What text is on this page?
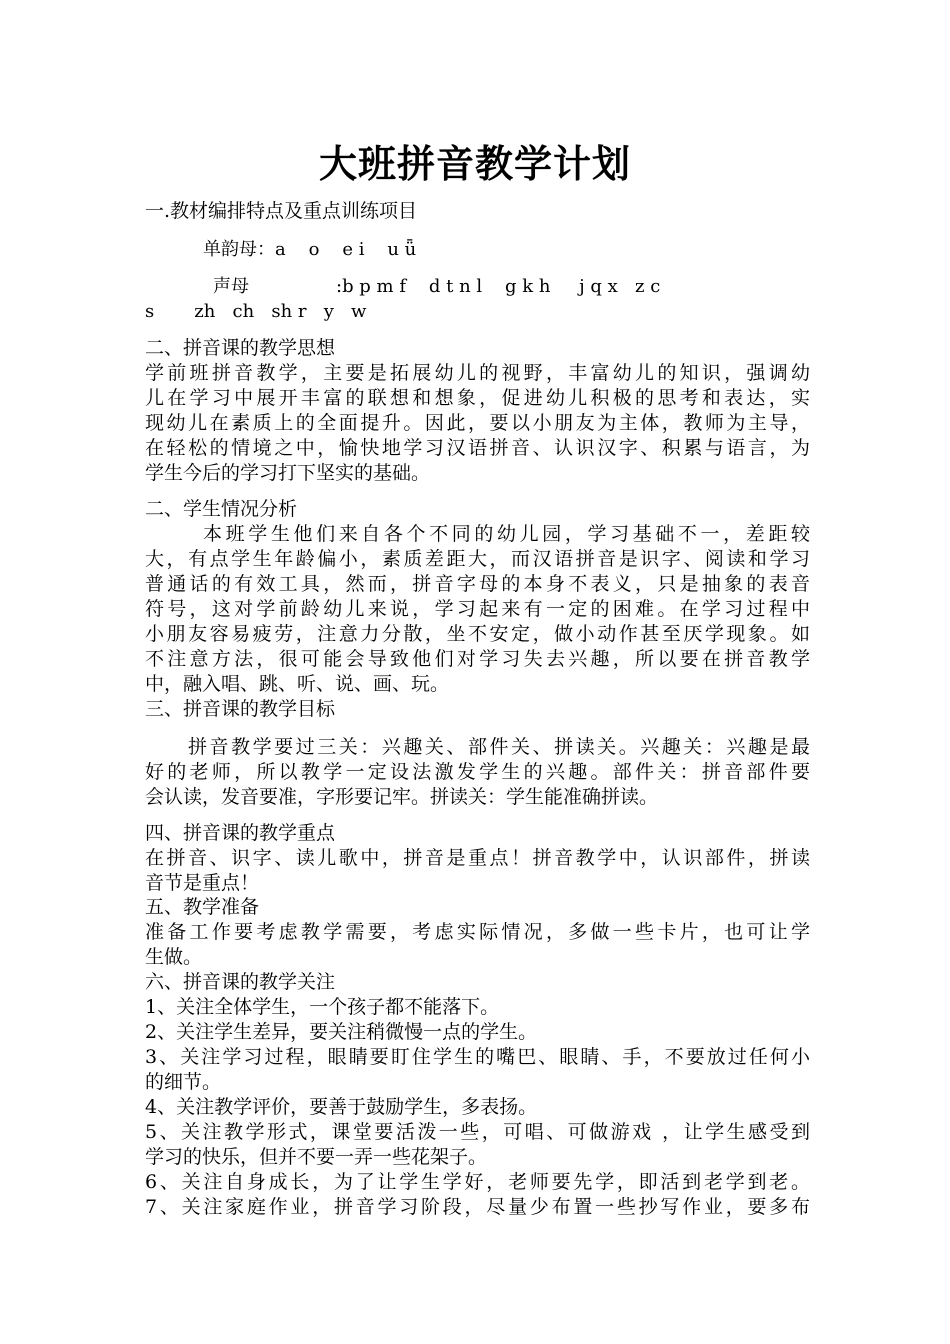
大班拼音教学计划
一.教材编排特点及重点训练项目
单韵母：a    o    e i    u ǖ
声母	:b p m f    d t n l    g k h     j q x   z c
s       zh   ch   sh r   y   w
二、拼音课的教学思想
学前班拼音教学，主要是拓展幼儿的视野，丰富幼儿的知识，强调幼
儿在学习中展开丰富的联想和想象，促进幼儿积极的思考和表达，实
现幼儿在素质上的全面提升。因此，要以小朋友为主体，教师为主导，
在轻松的情境之中，愉快地学习汉语拼音、认识汉字、积累与语言，为
学生今后的学习打下坚实的基础。
二、学生情况分析
本班学生他们来自各个不同的幼儿园，学习基础不一，差距较
大，有点学生年龄偏小，素质差距大，而汉语拼音是识字、阅读和学习
普通话的有效工具，然而，拼音字母的本身不表义，只是抽象的表音
符号，这对学前龄幼儿来说，学习起来有一定的困难。在学习过程中
小朋友容易疲劳，注意力分散，坐不安定，做小动作甚至厌学现象。如
不注意方法，很可能会导致他们对学习失去兴趣，所以要在拼音教学
中，融入唱、跳、听、说、画、玩。
三、拼音课的教学目标
拼音教学要过三关：兴趣关、部件关、拼读关。兴趣关：兴趣是最
好的老师，所以教学一定设法激发学生的兴趣。部件关：拼音部件要
会认读，发音要准，字形要记牢。拼读关：学生能准确拼读。
四、拼音课的教学重点
在拼音、识字、读儿歌中，拼音是重点！拼音教学中，认识部件，拼读
音节是重点！
五、教学准备
准备工作要考虑教学需要，考虑实际情况，多做一些卡片，也可让学
生做。
六、拼音课的教学关注
1、关注全体学生，一个孩子都不能落下。
2、关注学生差异，要关注稍微慢一点的学生。
3、关注学习过程，眼睛要盯住学生的嘴巴、眼睛、手，不要放过任何小
的细节。
4、关注教学评价，要善于鼓励学生，多表扬。
5、关注教学形式，课堂要活泼一些，可唱、可做游戏 ，让学生感受到
学习的快乐，但并不要一弄一些花架子。
6、关注自身成长，为了让学生学好，老师要先学，即活到老学到老。
7、关注家庭作业，拼音学习阶段，尽量少布置一些抄写作业，要多布
